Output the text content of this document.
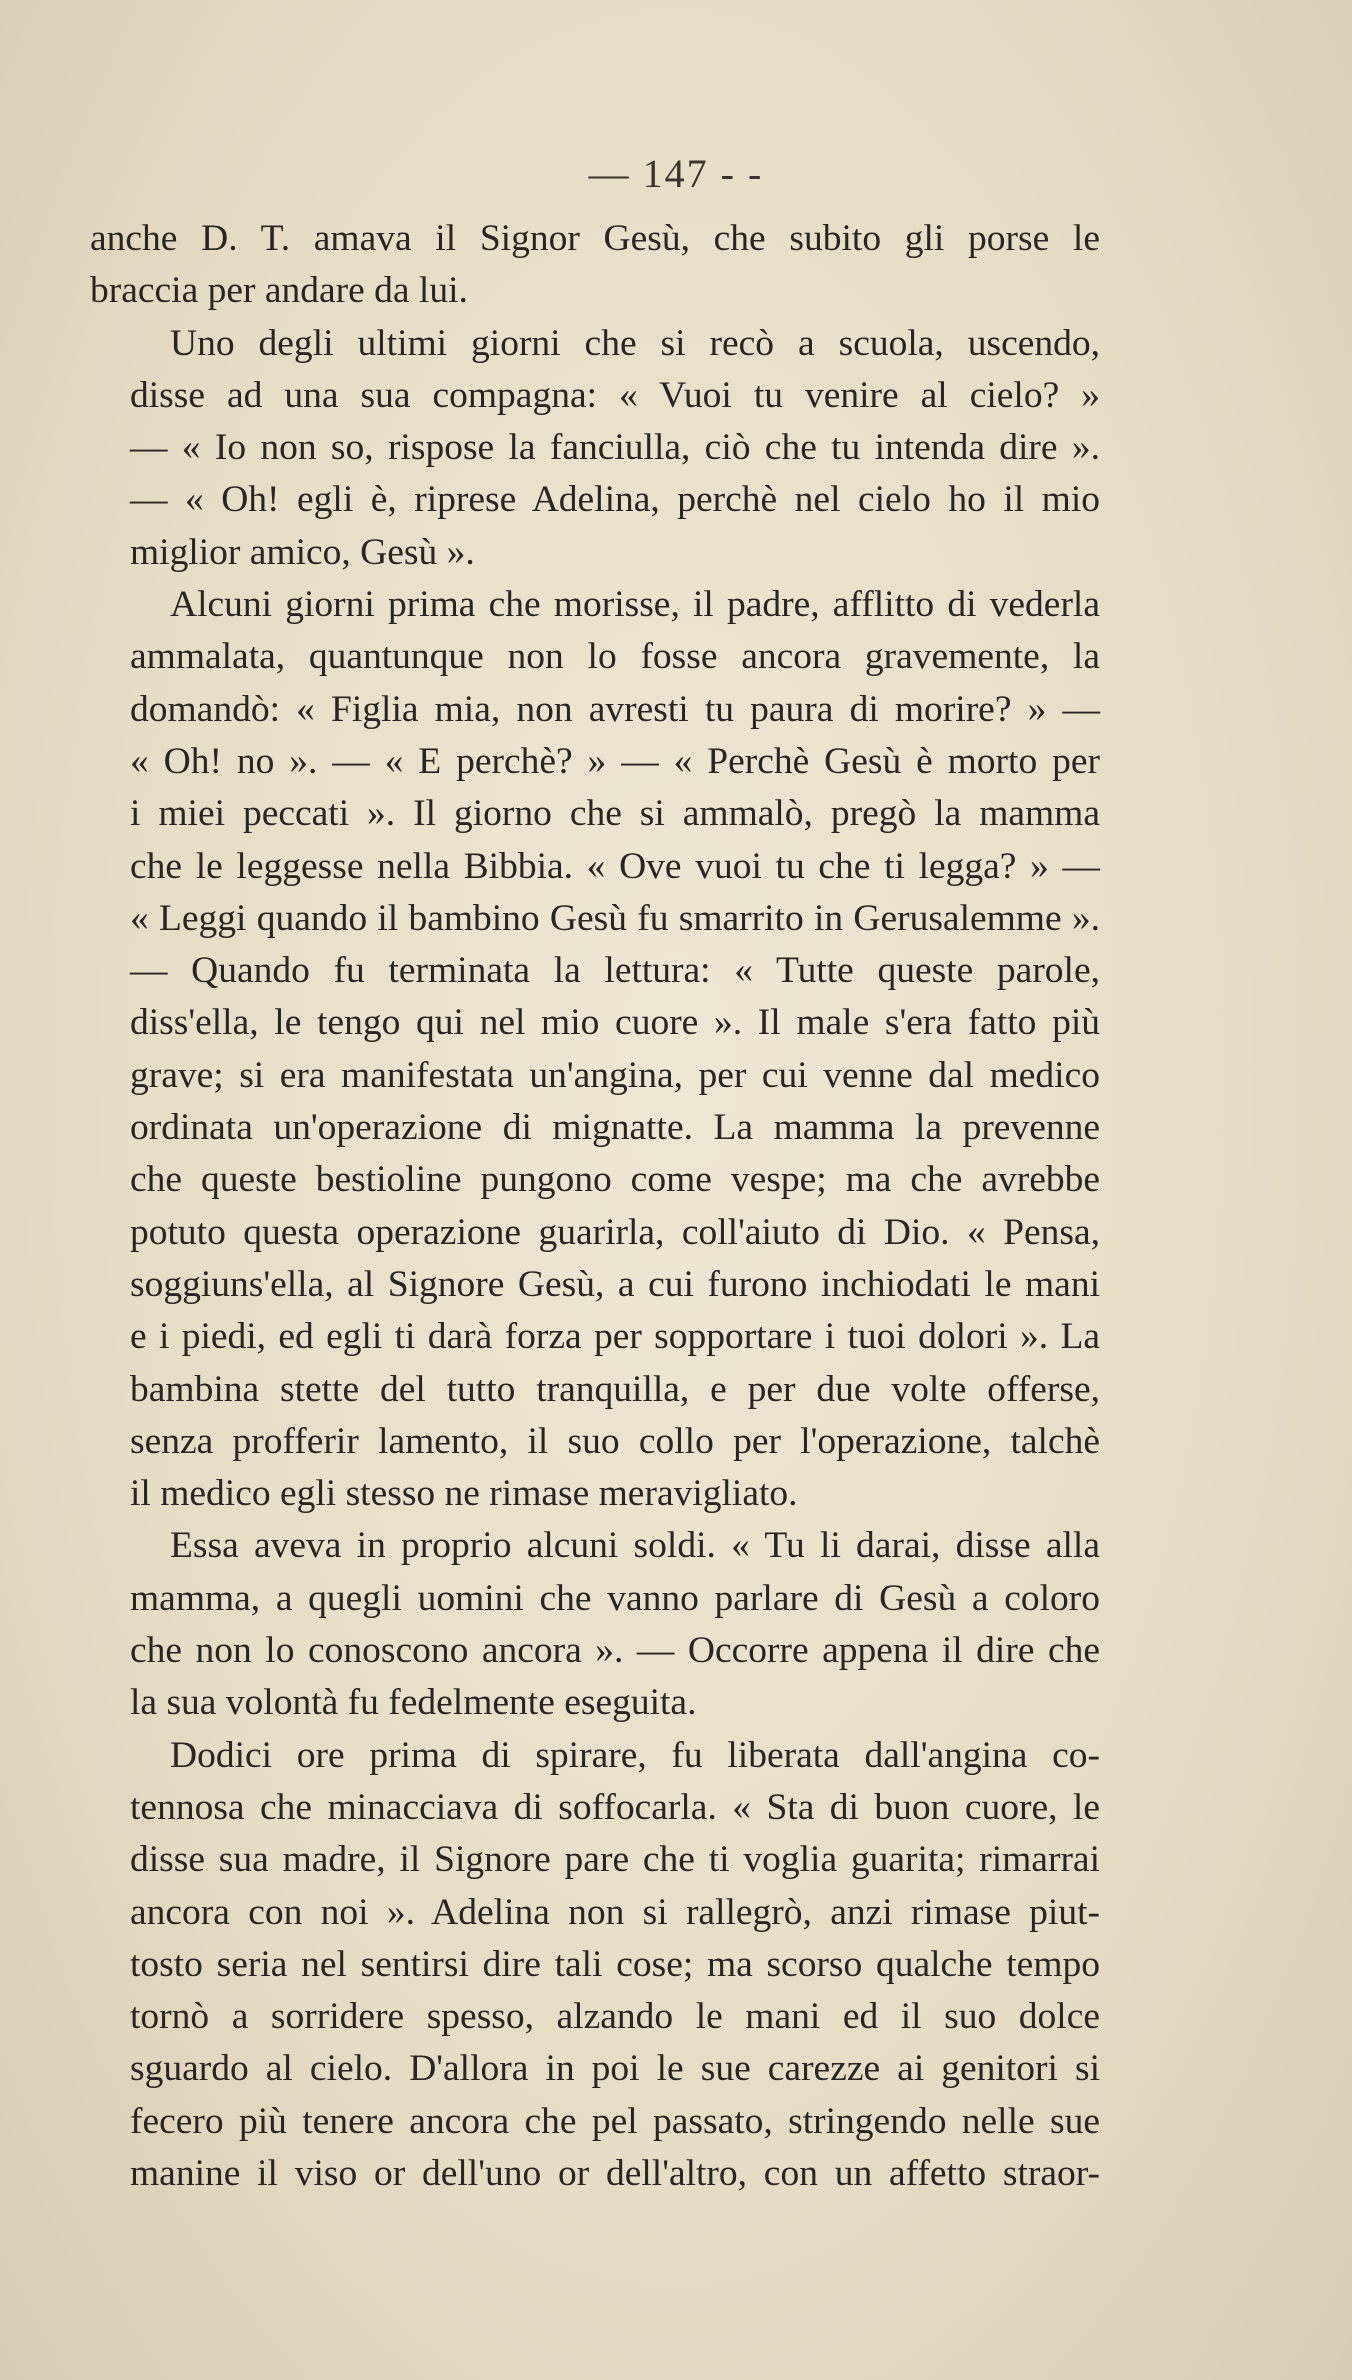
— 147 - -
anche D. T. amava il Signor Gesù, che subito gli porse le
braccia per andare da lui.
Uno degli ultimi giorni che si recò a scuola, uscendo,
disse ad una sua compagna: « Vuoi tu venire al cielo? »
— « Io non so, rispose la fanciulla, ciò che tu intenda dire ».
— « Oh! egli è, riprese Adelina, perchè nel cielo ho il mio
miglior amico, Gesù ».
Alcuni giorni prima che morisse, il padre, afflitto di vederla
ammalata, quantunque non lo fosse ancora gravemente, la
domandò: « Figlia mia, non avresti tu paura di morire? » —
« Oh! no ». — « E perchè? » — « Perchè Gesù è morto per
i miei peccati ». Il giorno che si ammalò, pregò la mamma
che le leggesse nella Bibbia. « Ove vuoi tu che ti legga? » —
« Leggi quando il bambino Gesù fu smarrito in Gerusalemme ».
— Quando fu terminata la lettura: « Tutte queste parole,
diss'ella, le tengo qui nel mio cuore ». Il male s'era fatto più
grave; si era manifestata un'angina, per cui venne dal medico
ordinata un'operazione di mignatte. La mamma la prevenne
che queste bestioline pungono come vespe; ma che avrebbe
potuto questa operazione guarirla, coll'aiuto di Dio. « Pensa,
soggiuns'ella, al Signore Gesù, a cui furono inchiodati le mani
e i piedi, ed egli ti darà forza per sopportare i tuoi dolori ». La
bambina stette del tutto tranquilla, e per due volte offerse,
senza profferir lamento, il suo collo per l'operazione, talchè
il medico egli stesso ne rimase meravigliato.
Essa aveva in proprio alcuni soldi. « Tu li darai, disse alla
mamma, a quegli uomini che vanno parlare di Gesù a coloro
che non lo conoscono ancora ». — Occorre appena il dire che
la sua volontà fu fedelmente eseguita.
Dodici ore prima di spirare, fu liberata dall'angina co-
tennosa che minacciava di soffocarla. « Sta di buon cuore, le
disse sua madre, il Signore pare che ti voglia guarita; rimarrai
ancora con noi ». Adelina non si rallegrò, anzi rimase piut-
tosto seria nel sentirsi dire tali cose; ma scorso qualche tempo
tornò a sorridere spesso, alzando le mani ed il suo dolce
sguardo al cielo. D'allora in poi le sue carezze ai genitori si
fecero più tenere ancora che pel passato, stringendo nelle sue
manine il viso or dell'uno or dell'altro, con un affetto straor-
